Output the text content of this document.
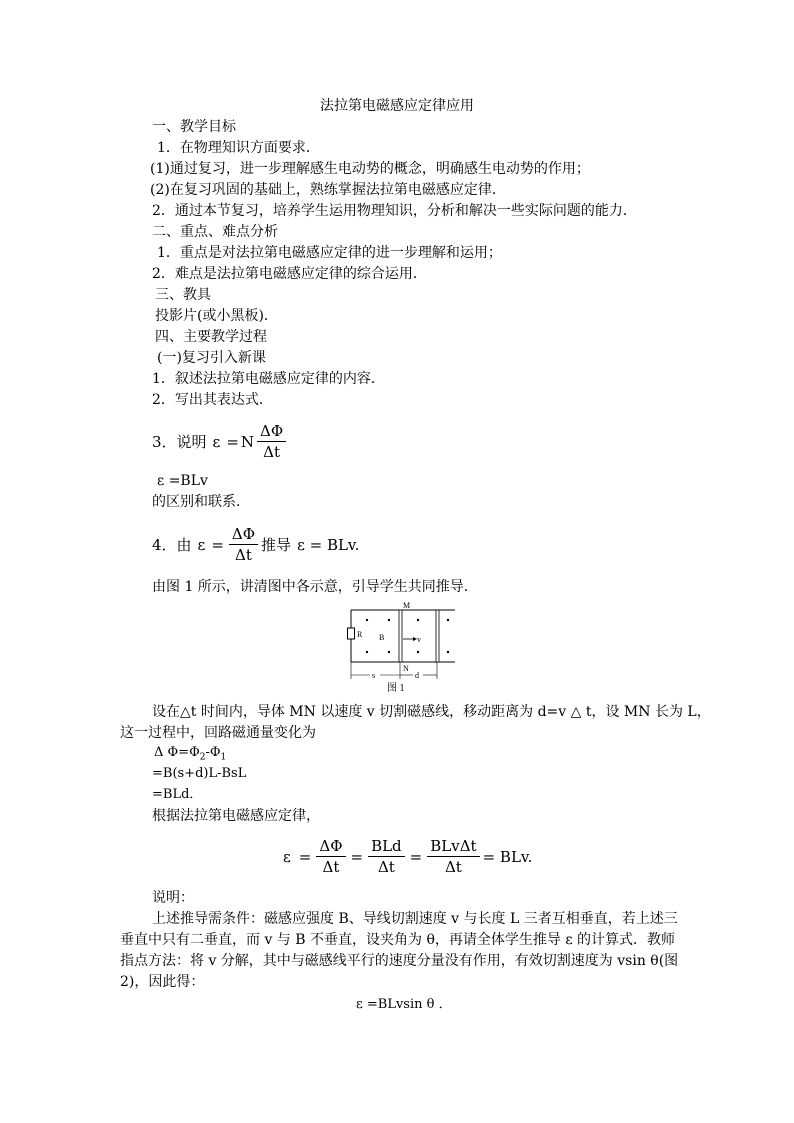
法拉第电磁感应定律应用
一、教学目标
1．在物理知识方面要求．
(1)通过复习，进一步理解感生电动势的概念，明确感生电动势的作用；
(2)在复习巩固的基础上，熟练掌握法拉第电磁感应定律．
2．通过本节复习，培养学生运用物理知识，分析和解决一些实际问题的能力．
二、重点、难点分析
1．重点是对法拉第电磁感应定律的进一步理解和运用；
2．难点是法拉第电磁感应定律的综合运用．
三、教具
投影片(或小黑板)．
四、主要教学过程
(一)复习引入新课
1．叙述法拉第电磁感应定律的内容．
2．写出其表达式．
3．说明 ε = N $\frac{\Delta\Phi}{\Delta t}$
ε =BLv
的区别和联系．
4．由 $\varepsilon = \frac{\Delta\Phi}{\Delta t}$ 推导 ε = BLv.
由图 1 所示，讲清图中各示意，引导学生共同推导．
R B
M
N
v
s	d
图 1
设在△t 时间内，导体 MN 以速度 v 切割磁感线，移动距离为 d=v △ t，设 MN 长为 L，
这一过程中，回路磁通量变化为
Δ $\Phi=\Phi_2-\Phi_1$
=B(s+d)L-BsL
=BLd．
根据法拉第电磁感应定律，
$\varepsilon = \frac{\Delta\Phi}{\Delta t} = \frac{\text{BLd}}{\Delta t} = \frac{\text{BLvΔt}}{\Delta t}$ = BLv.
说明：
上述推导需条件：磁感应强度 B、导线切割速度 v 与长度 L 三者互相垂直，若上述三
垂直中只有二垂直，而 v 与 B 不垂直，设夹角为 θ，再请全体学生推导 ε 的计算式．教师
指点方法：将 v 分解，其中与磁感线平行的速度分量没有作用，有效切割速度为 vsin θ(图
2)，因此得：
ε =BLvsin θ ．
